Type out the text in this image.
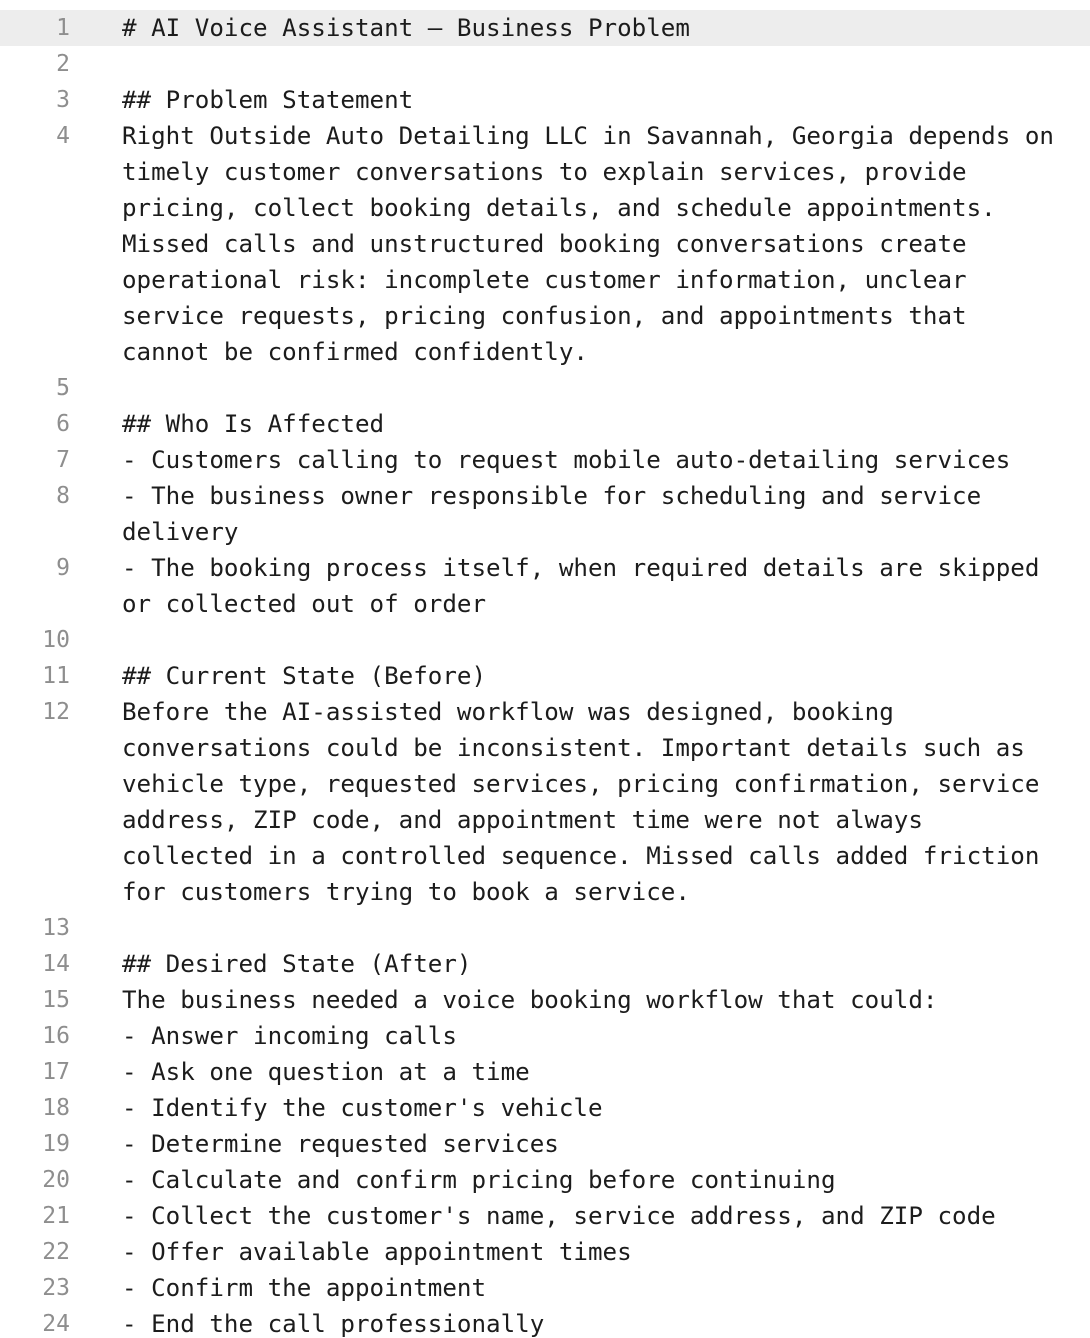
1 # AI Voice Assistant — Business Problem
2
3 ## Problem Statement
4 Right Outside Auto Detailing LLC in Savannah, Georgia depends on
timely customer conversations to explain services, provide
pricing, collect booking details, and schedule appointments.
Missed calls and unstructured booking conversations create
operational risk: incomplete customer information, unclear
service requests, pricing confusion, and appointments that
cannot be confirmed confidently.
5
6 ## Who Is Affected
7 - Customers calling to request mobile auto-detailing services
8 - The business owner responsible for scheduling and service
delivery
9 - The booking process itself, when required details are skipped
or collected out of order
10
11 ## Current State (Before)
12 Before the AI-assisted workflow was designed, booking
conversations could be inconsistent. Important details such as
vehicle type, requested services, pricing confirmation, service
address, ZIP code, and appointment time were not always
collected in a controlled sequence. Missed calls added friction
for customers trying to book a service.
13
14 ## Desired State (After)
15 The business needed a voice booking workflow that could:
16 - Answer incoming calls
17 - Ask one question at a time
18 - Identify the customer's vehicle
19 - Determine requested services
20 - Calculate and confirm pricing before continuing
21 - Collect the customer's name, service address, and ZIP code
22 - Offer available appointment times
23 - Confirm the appointment
24 - End the call professionally
